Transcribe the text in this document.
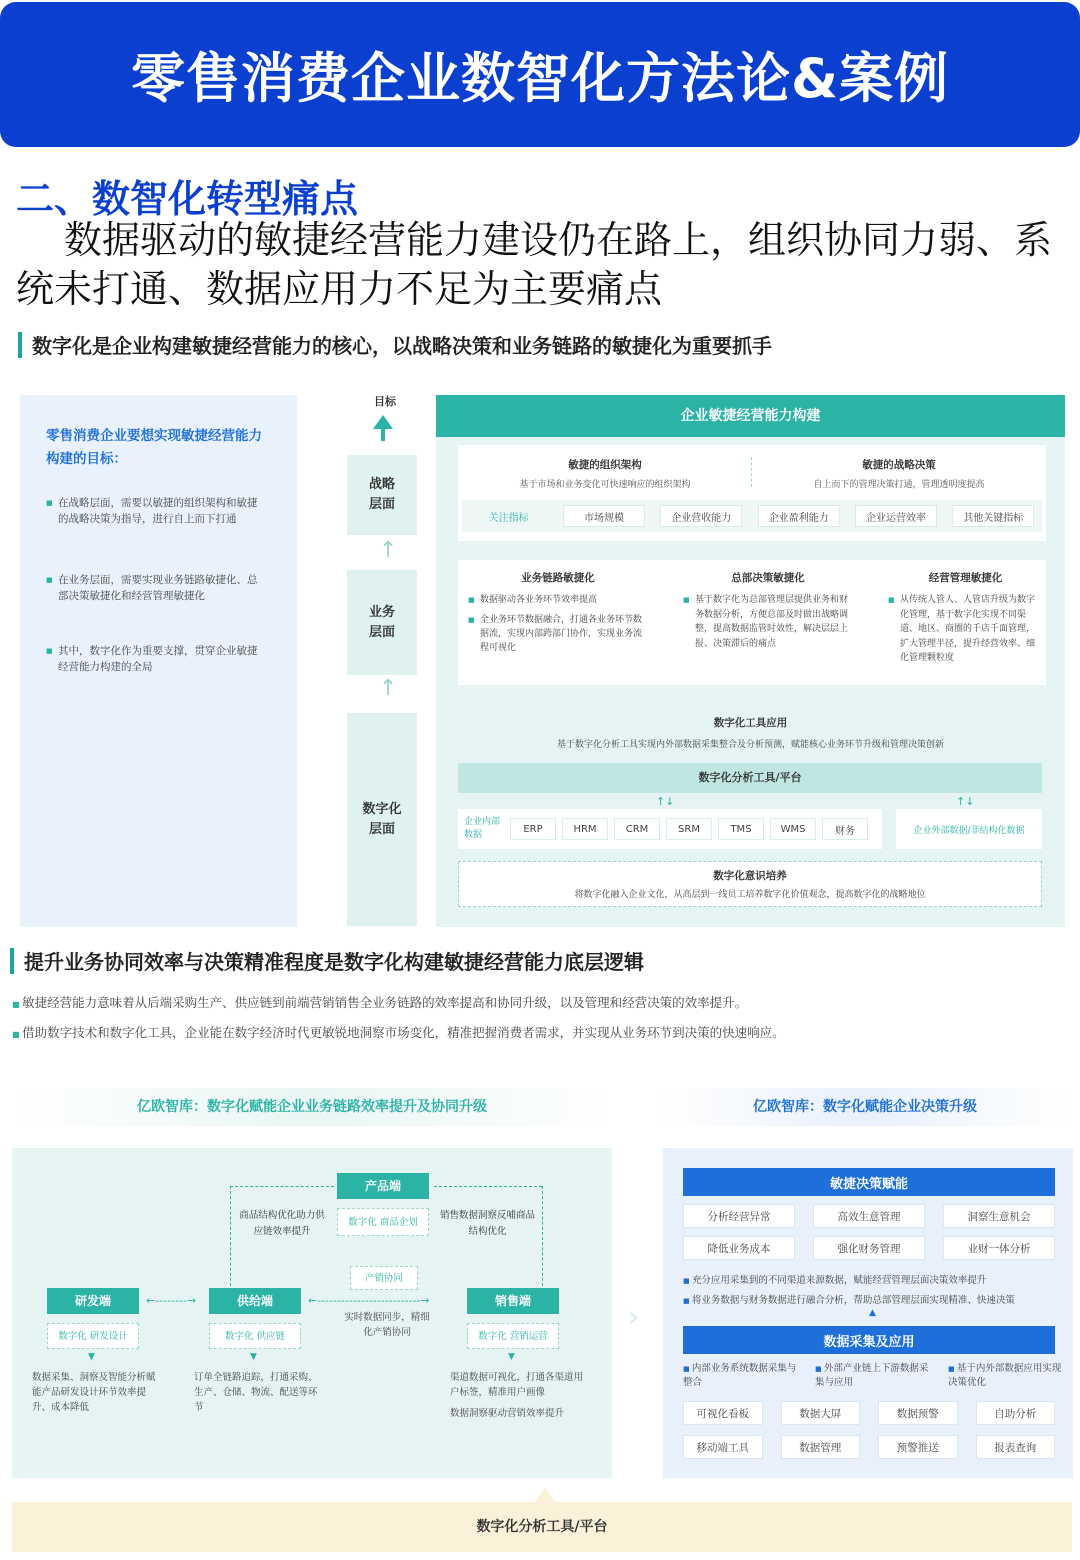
零售消费企业数智化方法论&案例
二、数智化转型痛点
数据驱动的敏捷经营能力建设仍在路上，组织协同力弱、系统未打通、数据应用力不足为主要痛点
数字化是企业构建敏捷经营能力的核心，以战略决策和业务链路的敏捷化为重要抓手
零售消费企业要想实现敏捷经营能力构建的目标：
■ 在战略层面，需要以敏捷的组织架构和敏捷的战略决策为指导，进行自上而下打通
■ 在业务层面，需要实现业务链路敏捷化、总部决策敏捷化和经营管理敏捷化
■ 其中，数字化作为重要支撑，贯穿企业敏捷经营能力构建的全局
目标
战略层面
↑
业务层面
↑
数字化层面
企业敏捷经营能力构建
敏捷的组织架构
基于市场和业务变化可快速响应的组织架构
敏捷的战略决策
自上而下的管理决策打通，管理透明度提高
关注指标	市场规模	企业营收能力	企业盈利能力	企业运营效率	其他关键指标
业务链路敏捷化
■ 数据驱动各业务环节效率提高
■ 全业务环节数据融合，打通各业务环节数据流，实现内部跨部门协作，实现业务流程可视化
总部决策敏捷化
■ 基于数字化为总部管理层提供业务和财务数据分析，方便总部及时做出战略调整，提高数据监管时效性，解决层层上报、决策滞后的痛点
经营管理敏捷化
■ 从传统人管人、人管店升级为数字化管理，基于数字化实现不同渠道、地区、商圈的千店千面管理，扩大管理半径，提升经营效率、细化管理颗粒度
数字化工具应用
基于数字化分析工具实现内外部数据采集整合及分析预测，赋能核心业务环节升级和管理决策创新
数字化分析工具/平台
↑↓	↑↓
企业内部数据
ERP	HRM	CRM	SRM	TMS	WMS	财务	企业外部数据/非结构化数据
数字化意识培养
将数字化融入企业文化，从高层到一线员工培养数字化价值观念，提高数字化的战略地位
提升业务协同效率与决策精准程度是数字化构建敏捷经营能力底层逻辑
■ 敏捷经营能力意味着从后端采购生产、供应链到前端营销销售全业务链路的效率提高和协同升级，以及管理和经营决策的效率提升。
■ 借助数字技术和数字化工具，企业能在数字经济时代更敏锐地洞察市场变化，精准把握消费者需求，并实现从业务环节到决策的快速响应。
亿欧智库：数字化赋能企业业务链路效率提升及协同升级	亿欧智库：数字化赋能企业决策升级
产品端
数字化 商品企划
商品结构优化助力供应链效率提升
销售数据洞察反哺商品结构优化
产销协同
实时数据同步，精细化产销协同
研发端
数字化 研发设计
▼
数据采集、洞察及智能分析赋能产品研发设计环节效率提升、成本降低
←‑‑‑‑‑‑‑‑→	供给端
数字化 供应链
▼
订单全链路追踪，打通采购、生产、仓储、物流、配送等环节
←‑‑‑‑‑‑‑‑‑‑‑‑‑‑‑‑‑‑‑‑‑‑‑‑‑‑→	销售端
数字化 营销运营
▼
渠道数据可视化，打通各渠道用户标签，精准用户画像
数据洞察驱动营销效率提升
›
敏捷决策赋能
分析经营异常	高效生意管理	洞察生意机会
降低业务成本	强化财务管理	业财一体分析
■ 充分应用采集到的不同渠道来源数据，赋能经营管理层面决策效率提升
■ 将业务数据与财务数据进行融合分析，帮助总部管理层面实现精准、快速决策
▲
数据采集及应用
■ 内部业务系统数据采集与整合
■ 外部产业链上下游数据采集与应用
■ 基于内外部数据应用实现决策优化
可视化看板	数据大屏	数据预警	自助分析
移动端工具	数据管理	预警推送	报表查询
数字化分析工具/平台
